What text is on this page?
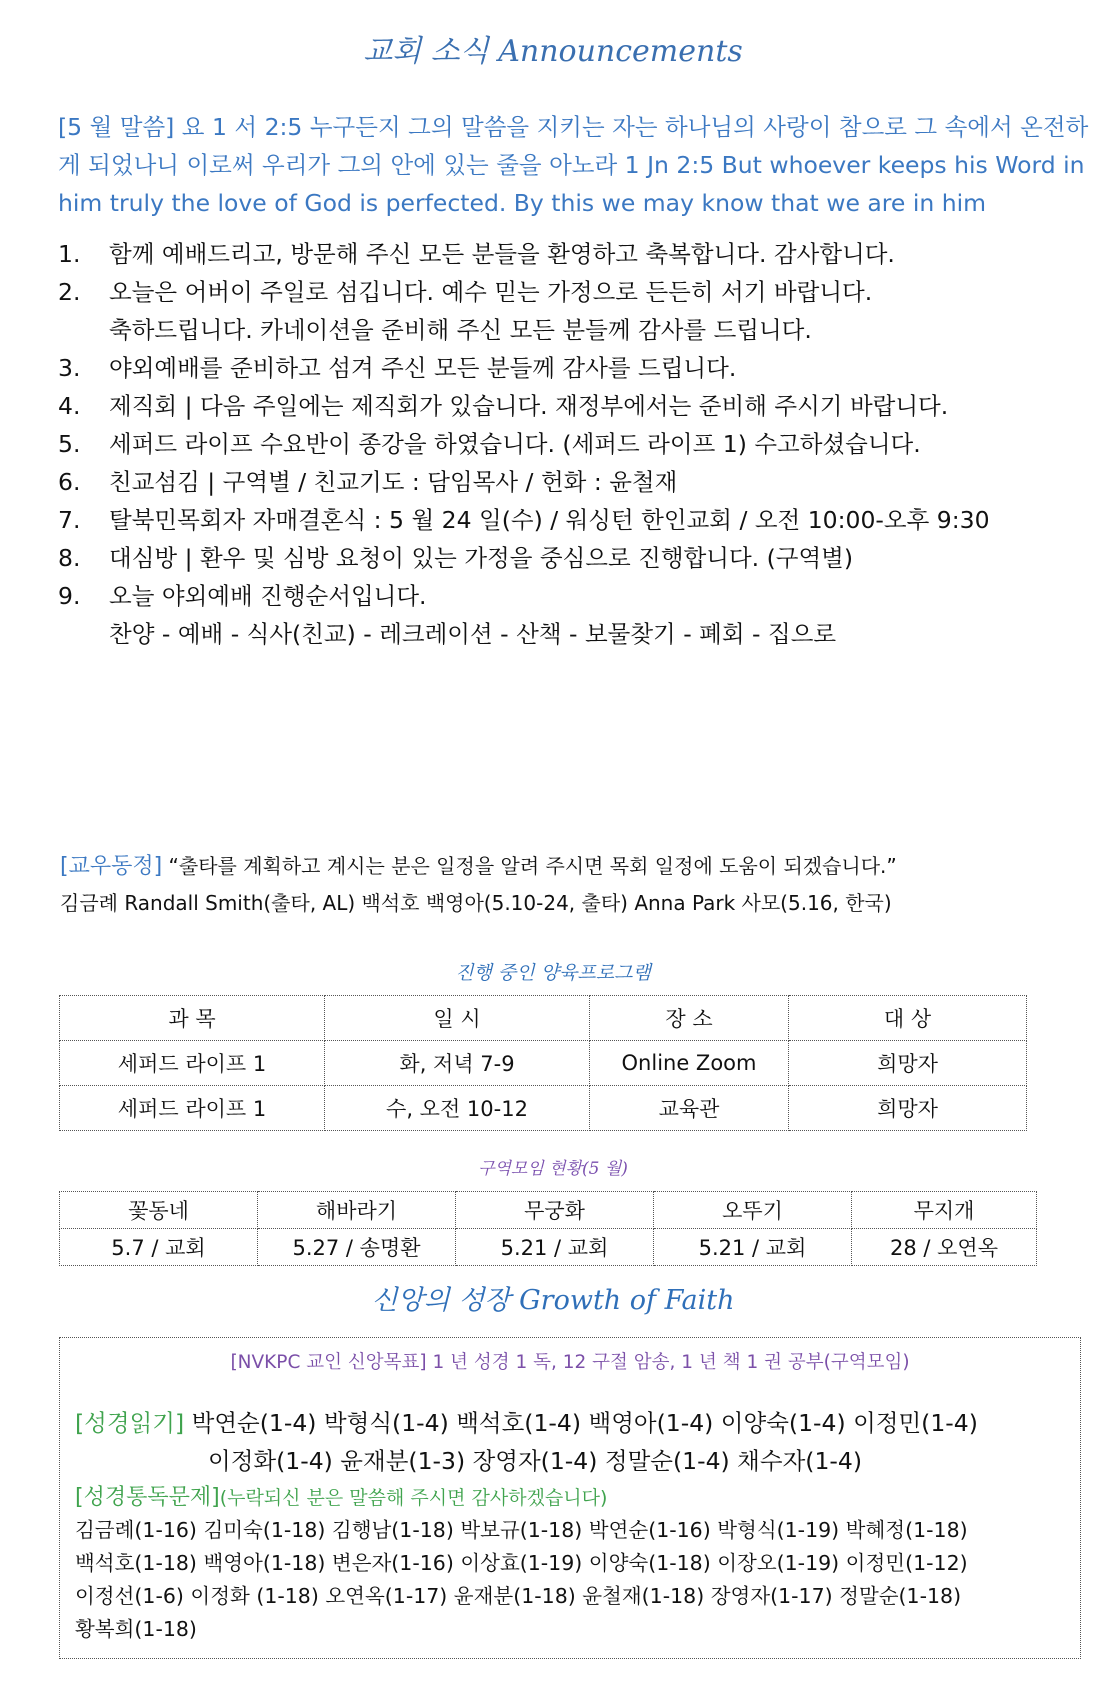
교회 소식 Announcements
[5 월 말씀] 요 1 서 2:5 누구든지 그의 말씀을 지키는 자는 하나님의 사랑이 참으로 그 속에서 온전하게 되었나니 이로써 우리가 그의 안에 있는 줄을 아노라 1 Jn 2:5 But whoever keeps his Word in him truly the love of God is perfected. By this we may know that we are in him
1.	함께 예배드리고, 방문해 주신 모든 분들을 환영하고 축복합니다. 감사합니다.
2.	오늘은 어버이 주일로 섬깁니다. 예수 믿는 가정으로 든든히 서기 바랍니다.
축하드립니다. 카네이션을 준비해 주신 모든 분들께 감사를 드립니다.
3.	야외예배를 준비하고 섬겨 주신 모든 분들께 감사를 드립니다.
4.	제직회 | 다음 주일에는 제직회가 있습니다. 재정부에서는 준비해 주시기 바랍니다.
5.	세퍼드 라이프 수요반이 종강을 하였습니다. (세퍼드 라이프 1) 수고하셨습니다.
6.	친교섬김 | 구역별 / 친교기도 : 담임목사 / 헌화 : 윤철재
7.	탈북민목회자 자매결혼식 : 5 월 24 일(수) / 워싱턴 한인교회 / 오전 10:00-오후 9:30
8.	대심방 | 환우 및 심방 요청이 있는 가정을 중심으로 진행합니다. (구역별)
9.	오늘 야외예배 진행순서입니다.
찬양 - 예배 - 식사(친교) - 레크레이션 - 산책 - 보물찾기 - 폐회 - 집으로
[교우동정] “출타를 계획하고 계시는 분은 일정을 알려 주시면 목회 일정에 도움이 되겠습니다.”
김금례 Randall Smith(출타, AL) 백석호 백영아(5.10-24, 출타) Anna Park 사모(5.16, 한국)
진행 중인 양육프로그램
과 목	일 시	장 소	대 상
세퍼드 라이프 1	화, 저녁 7-9	Online Zoom	희망자
세퍼드 라이프 1	수, 오전 10-12	교육관	희망자
구역모임 현황(5 월)
꽃동네	해바라기	무궁화	오뚜기	무지개
5.7 / 교회	5.27 / 송명환	5.21 / 교회	5.21 / 교회	28 / 오연옥
신앙의 성장 Growth of Faith
[NVKPC 교인 신앙목표] 1 년 성경 1 독, 12 구절 암송, 1 년 책 1 권 공부(구역모임)
[성경읽기] 박연순(1-4) 박형식(1-4) 백석호(1-4) 백영아(1-4) 이양숙(1-4) 이정민(1-4)
이정화(1-4) 윤재분(1-3) 장영자(1-4) 정말순(1-4) 채수자(1-4)
[성경통독문제](누락되신 분은 말씀해 주시면 감사하겠습니다)
김금례(1-16) 김미숙(1-18) 김행남(1-18) 박보규(1-18) 박연순(1-16) 박형식(1-19) 박혜정(1-18)
백석호(1-18) 백영아(1-18) 변은자(1-16) 이상효(1-19) 이양숙(1-18) 이장오(1-19) 이정민(1-12)
이정선(1-6) 이정화 (1-18) 오연옥(1-17) 윤재분(1-18) 윤철재(1-18) 장영자(1-17) 정말순(1-18)
황복희(1-18)
